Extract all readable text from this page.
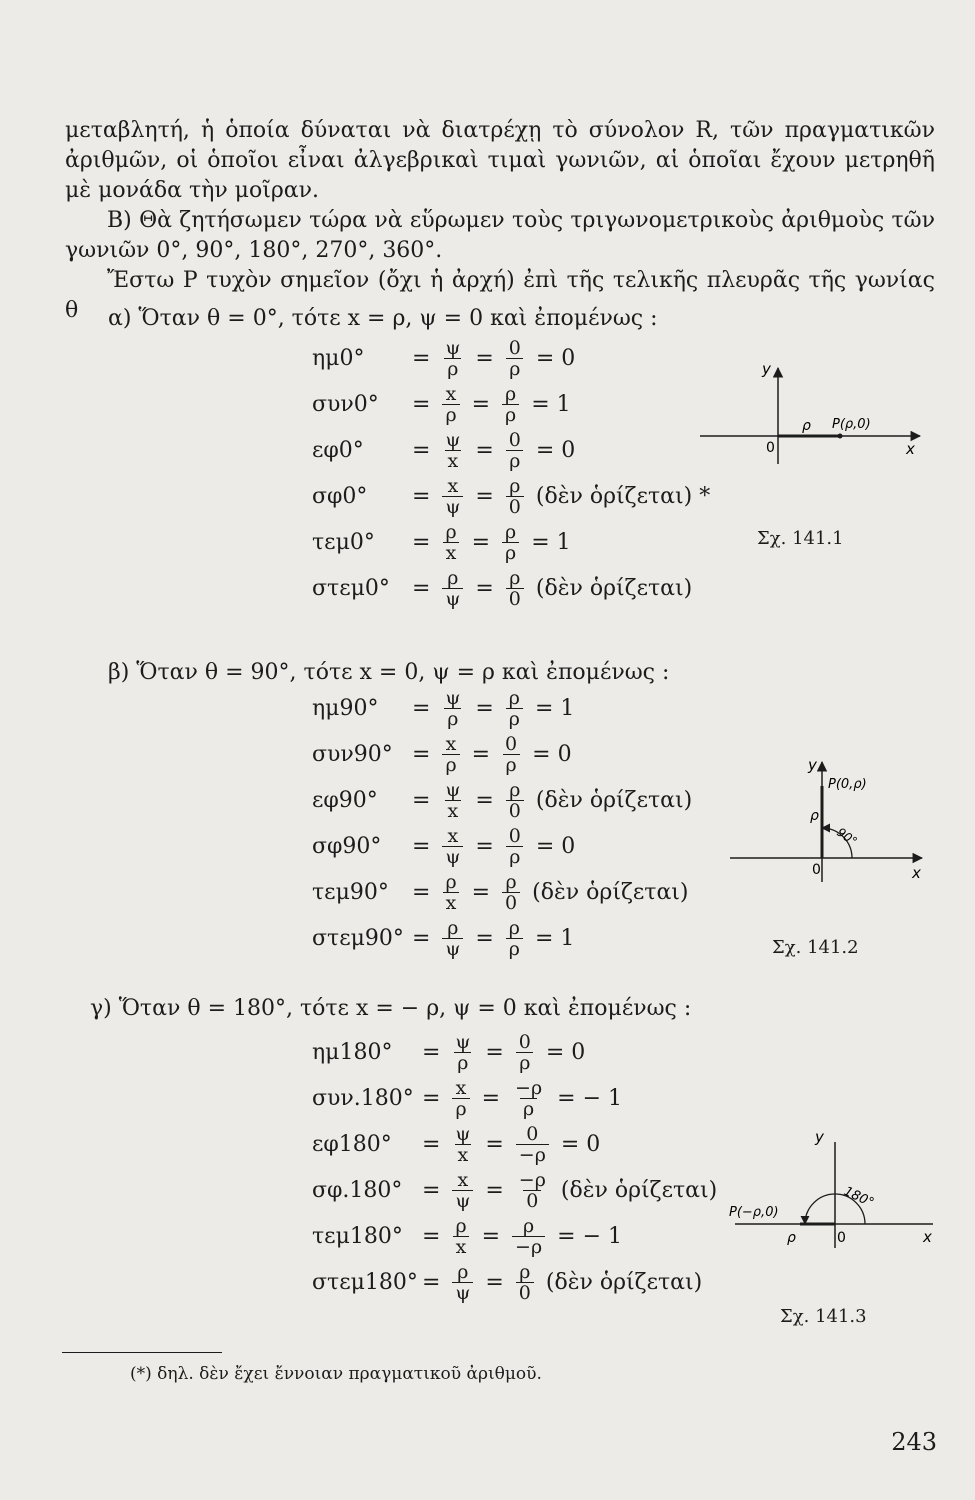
μεταβλητή, ἡ ὁποία δύναται νὰ διατρέχῃ τὸ σύνολον R, τῶν πραγματικῶν ἀριθμῶν, οἱ ὁποῖοι εἶναι ἀλγεβρικαὶ τιμαὶ γωνιῶν, αἱ ὁποῖαι ἔχουν μετρηθῆ μὲ μονάδα τὴν μοῖραν.

Β) Θὰ ζητήσωμεν τώρα νὰ εὕρωμεν τοὺς τριγωνομετρικοὺς ἀριθμοὺς τῶν γωνιῶν 0°, 90°, 180°, 270°, 360°.

Ἔστω Ρ τυχὸν σημεῖον (ὄχι ἡ ἀρχή) ἐπὶ τῆς τελικῆς πλευρᾶς τῆς γωνίας θ	α) Ὅταν θ = 0°, τότε x = ρ, ψ = 0 καὶ ἐπομένως :
ημ0°	= $\frac{\psi}{\rho} = \frac{0}{\rho} = 0$
συν0°	= $\frac{x}{\rho} = \frac{\rho}{\rho} = 1$
εφ0°	= $\frac{\psi}{x} = \frac{0}{\rho} = 0$
σφ0°	= $\frac{x}{\psi} = \frac{\rho}{0}$ (δὲν ὁρίζεται) *
τεμ0°	= $\frac{\rho}{x} = \frac{\rho}{\rho} = 1$
στεμ0°	= $\frac{\rho}{\psi} = \frac{\rho}{0}$ (δὲν ὁρίζεται)
β) Ὅταν θ = 90°, τότε x = 0, ψ = ρ καὶ ἐπομένως :
ημ90°	= $\frac{\psi}{\rho} = \frac{\rho}{\rho} = 1$
$\sigma\upsilon\nu 90^\circ = \frac{x}{\rho} = \frac{0}{\rho} = 0$
εφ90°	= $\frac{\psi}{x} = \frac{\rho}{0}$ (δὲν ὁρίζεται)
σφ90°	= $\frac{x}{\psi} = \frac{0}{\rho} = 0$
τεμ90°	= $\frac{\rho}{x} = \frac{\rho}{0}$ (δὲν ὁρίζεται)
$\sigma\tau\varepsilon\mu 90^\circ = \frac{\rho}{\psi} = \frac{\rho}{\rho} = 1$
γ) Ὅταν θ = 180°, τότε x = − ρ, ψ = 0 καὶ ἐπομένως :
ημ180°	= $\frac{\psi}{\rho} = \frac{0}{\rho} = 0$
$\sigma\upsilon\nu.180^\circ = \frac{x}{\rho} = \frac{-\rho}{\rho}$ = − 1
εφ180°	= $\frac{\psi}{x} = \frac{0}{-\rho} = 0$
$\sigma\varphi.180^\circ = \frac{x}{\psi} = \frac{-\rho}{0}$ (δὲν ὁρίζεται)
$\tau\varepsilon\mu 180^\circ = \frac{\rho}{x} = \frac{\rho}{-\rho}$ = − 1
$\sigma\tau\varepsilon\mu 180^\circ = \frac{\rho}{\psi} = \frac{\rho}{0}$ (δὲν ὁρίζεται)
y
0	x
ρ P(ρ,0)
Σχ. 141.1
y
P(0,ρ)
ρ
90°
0	x
Σχ. 141.2
y
180°
P(−ρ,0)
ρ	0	x
Σχ. 141.3
(*) δηλ. δὲν ἔχει ἔννοιαν πραγματικοῦ ἀριθμοῦ.
243
